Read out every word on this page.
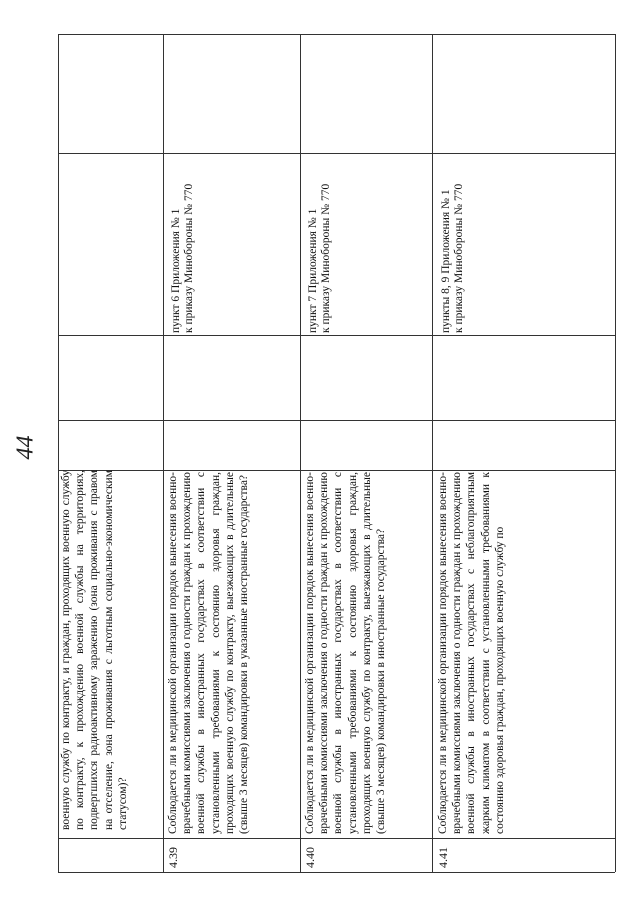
44
военную службу по контракту, и граждан, проходящих военную службу по контракту, к прохождению военной службы на территориях, подвергшихся радиоактивному заражению (зона проживания с правом на отселение, зона проживания с льготным социально-экономическим статусом)?
4.39
Соблюдается ли в медицинской организации порядок вынесения военно-врачебными комиссиями заключения о годности граждан к прохождению военной службы в иностранных государствах в соответствии с установленными требованиями к состоянию здоровья граждан, проходящих военную службу по контракту, выезжающих в длительные (свыше 3 месяцев) командировки в указанные иностранные государства?
пункт 6 Приложения № 1 к приказу Минобороны № 770
4.40
Соблюдается ли в медицинской организации порядок вынесения военно-врачебными комиссиями заключения о годности граждан к прохождению военной службы в иностранных государствах в соответствии с установленными требованиями к состоянию здоровья граждан, проходящих военную службу по контракту, выезжающих в длительные (свыше 3 месяцев) командировки в иностранные государства?
пункт 7 Приложения № 1 к приказу Минобороны № 770
4.41
Соблюдается ли в медицинской организации порядок вынесения военно-врачебными комиссиями заключения о годности граждан к прохождению военной службы в иностранных государствах с неблагоприятным жарким климатом в соответствии с установленными требованиями к состоянию здоровья граждан, проходящих военную службу по
пункты 8, 9 Приложения № 1 к приказу Минобороны № 770
